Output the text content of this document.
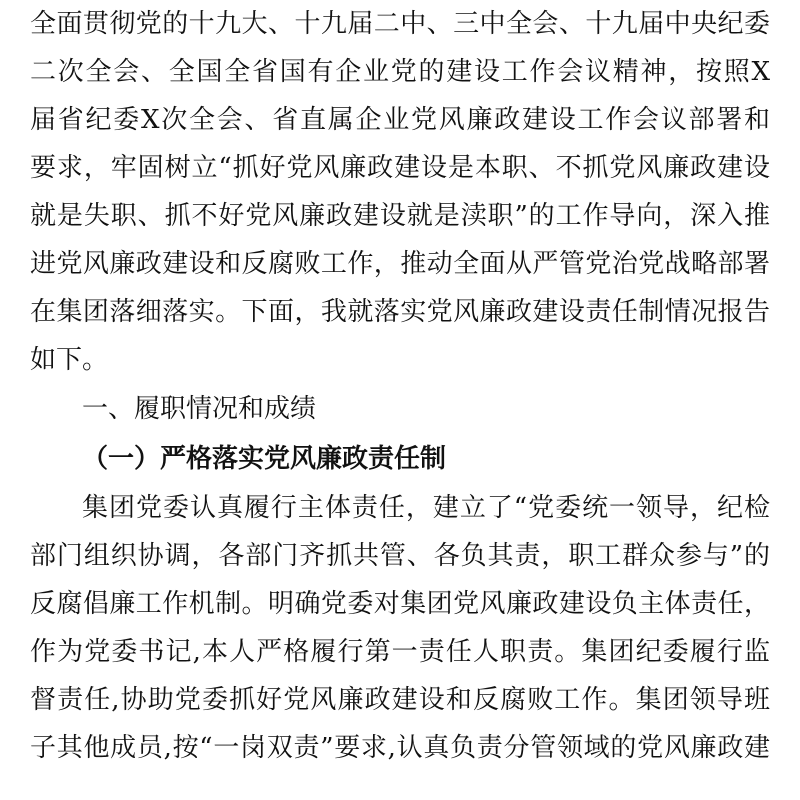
全面贯彻党的十九大、十九届二中、三中全会、十九届中央纪委
二次全会、全国全省国有企业党的建设工作会议精神，按照X
届省纪委X次全会、省直属企业党风廉政建设工作会议部署和
要求，牢固树立“抓好党风廉政建设是本职、不抓党风廉政建设
就是失职、抓不好党风廉政建设就是渎职”的工作导向，深入推
进党风廉政建设和反腐败工作，推动全面从严管党治党战略部署
在集团落细落实。下面，我就落实党风廉政建设责任制情况报告
如下。
一、履职情况和成绩
（一）严格落实党风廉政责任制
集团党委认真履行主体责任，建立了“党委统一领导，纪检
部门组织协调，各部门齐抓共管、各负其责，职工群众参与”的
反腐倡廉工作机制。明确党委对集团党风廉政建设负主体责任，
作为党委书记,本人严格履行第一责任人职责。集团纪委履行监
督责任,协助党委抓好党风廉政建设和反腐败工作。集团领导班
子其他成员,按“一岗双责”要求,认真负责分管领域的党风廉政建
